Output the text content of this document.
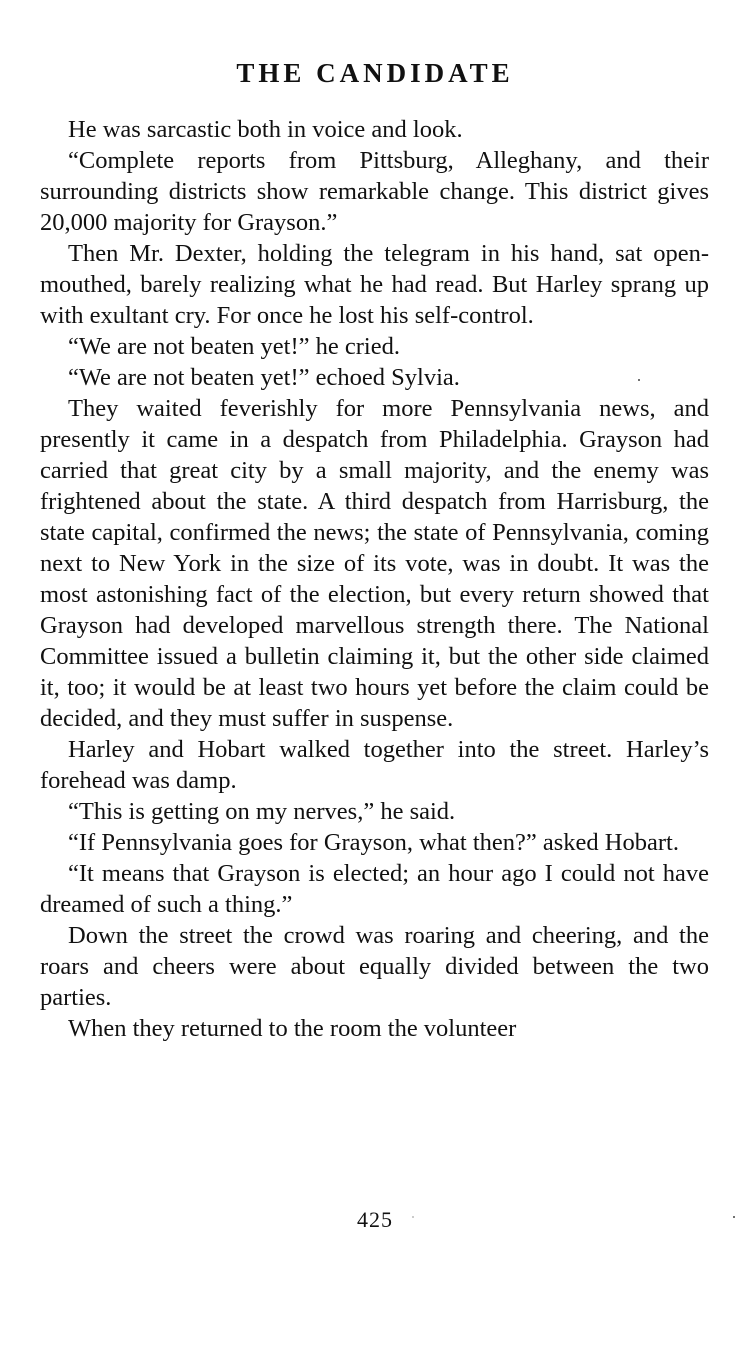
THE CANDIDATE

He was sarcastic both in voice and look.

“Complete reports from Pittsburg, Alleghany, and their surrounding districts show remarkable change. This district gives 20,000 majority for Grayson.”

Then Mr. Dexter, holding the telegram in his hand, sat open-mouthed, barely realizing what he had read. But Harley sprang up with exultant cry. For once he lost his self-control.

“We are not beaten yet!” he cried.

“We are not beaten yet!” echoed Sylvia.

They waited feverishly for more Pennsylvania news, and presently it came in a despatch from Philadelphia. Grayson had carried that great city by a small majority, and the enemy was frightened about the state. A third despatch from Harrisburg, the state capital, confirmed the news; the state of Pennsylvania, coming next to New York in the size of its vote, was in doubt. It was the most astonishing fact of the election, but every return showed that Grayson had developed marvellous strength there. The National Committee issued a bulletin claiming it, but the other side claimed it, too; it would be at least two hours yet before the claim could be decided, and they must suffer in suspense.

Harley and Hobart walked together into the street. Harley’s forehead was damp.

“This is getting on my nerves,” he said.

“If Pennsylvania goes for Grayson, what then?” asked Hobart.

“It means that Grayson is elected; an hour ago I could not have dreamed of such a thing.”

Down the street the crowd was roaring and cheering, and the roars and cheers were about equally divided between the two parties.

When they returned to the room the volunteer

425
